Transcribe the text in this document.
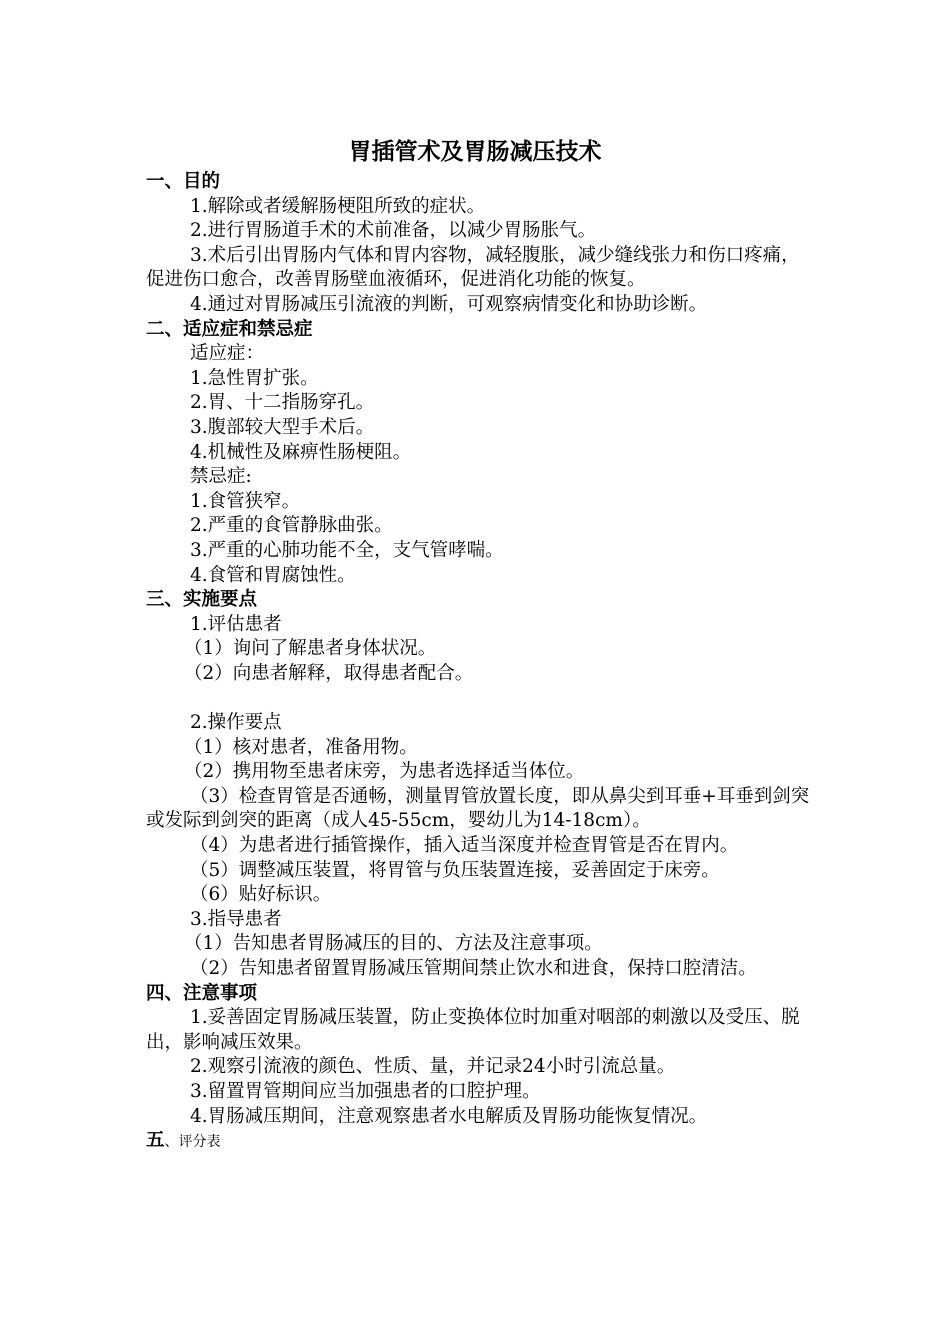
胃插管术及胃肠减压技术

一、目的

1.解除或者缓解肠梗阻所致的症状。

2.进行胃肠道手术的术前准备，以减少胃肠胀气。

3.术后引出胃肠内气体和胃内容物，减轻腹胀，减少缝线张力和伤口疼痛，促进伤口愈合，改善胃肠壁血液循环，促进消化功能的恢复。

4.通过对胃肠减压引流液的判断，可观察病情变化和协助诊断。

二、适应症和禁忌症

适应症：

1.急性胃扩张。

2.胃、十二指肠穿孔。

3.腹部较大型手术后。

4.机械性及麻痹性肠梗阻。

禁忌症:

1.食管狭窄。

2.严重的食管静脉曲张。

3.严重的心肺功能不全，支气管哮喘。

4.食管和胃腐蚀性。

三、实施要点

1.评估患者

（1）询问了解患者身体状况。

（2）向患者解释，取得患者配合。

2.操作要点

（1）核对患者，准备用物。

（2）携用物至患者床旁，为患者选择适当体位。

（3）检查胃管是否通畅，测量胃管放置长度，即从鼻尖到耳垂+耳垂到剑突或发际到剑突的距离（成人45-55cm，婴幼儿为14-18cm）。

（4）为患者进行插管操作，插入适当深度并检查胃管是否在胃内。

（5）调整减压装置，将胃管与负压装置连接，妥善固定于床旁。

（6）贴好标识。

3.指导患者

（1）告知患者胃肠减压的目的、方法及注意事项。

（2）告知患者留置胃肠减压管期间禁止饮水和进食，保持口腔清洁。

四、注意事项

1.妥善固定胃肠减压装置，防止变换体位时加重对咽部的刺激以及受压、脱出，影响减压效果。

2.观察引流液的颜色、性质、量，并记录24小时引流总量。

3.留置胃管期间应当加强患者的口腔护理。

4.胃肠减压期间，注意观察患者水电解质及胃肠功能恢复情况。

五、评分表
